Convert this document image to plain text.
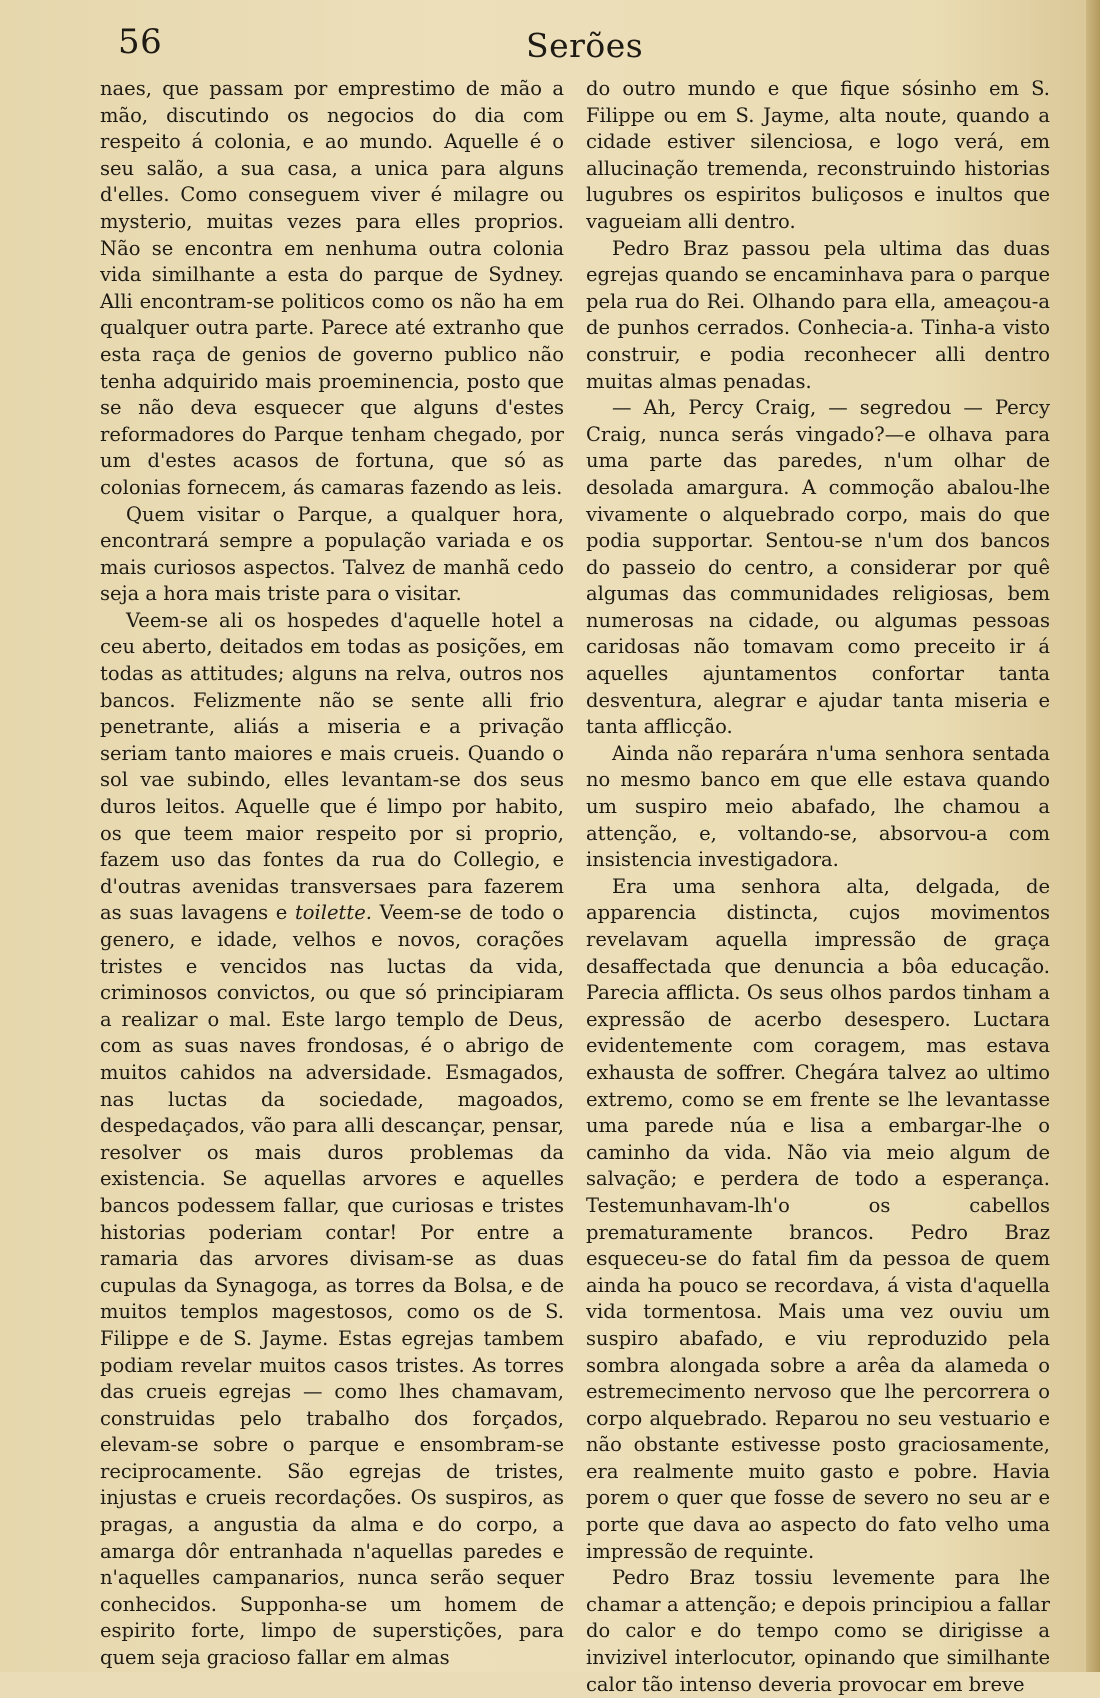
56	Serões

naes, que passam por emprestimo de mão a mão, discutindo os negocios do dia com respeito á colonia, e ao mundo. Aquelle é o seu salão, a sua casa, a unica para alguns d'elles. Como conseguem viver é milagre ou mysterio, muitas vezes para elles proprios. Não se encontra em nenhuma outra colonia vida similhante a esta do parque de Sydney. Alli encontram-se politicos como os não ha em qualquer outra parte. Parece até extranho que esta raça de genios de governo publico não tenha adquirido mais proeminencia, posto que se não deva esquecer que alguns d'estes reformadores do Parque tenham chegado, por um d'estes acasos de fortuna, que só as colonias fornecem, ás camaras fazendo as leis.

Quem visitar o Parque, a qualquer hora, encontrará sempre a população variada e os mais curiosos aspectos. Talvez de manhã cedo seja a hora mais triste para o visitar.

Veem-se ali os hospedes d'aquelle hotel a ceu aberto, deitados em todas as posições, em todas as attitudes; alguns na relva, outros nos bancos. Felizmente não se sente alli frio penetrante, aliás a miseria e a privação seriam tanto maiores e mais crueis. Quando o sol vae subindo, elles levantam-se dos seus duros leitos. Aquelle que é limpo por habito, os que teem maior respeito por si proprio, fazem uso das fontes da rua do Collegio, e d'outras avenidas transversaes para fazerem as suas lavagens e toilette. Veem-se de todo o genero, e idade, velhos e novos, corações tristes e vencidos nas luctas da vida, criminosos convictos, ou que só principiaram a realizar o mal. Este largo templo de Deus, com as suas naves frondosas, é o abrigo de muitos cahidos na adversidade. Esmagados, nas luctas da sociedade, magoados, despedaçados, vão para alli descançar, pensar, resolver os mais duros problemas da existencia. Se aquellas arvores e aquelles bancos podessem fallar, que curiosas e tristes historias poderiam contar! Por entre a ramaria das arvores divisam-se as duas cupulas da Synagoga, as torres da Bolsa, e de muitos templos magestosos, como os de S. Filippe e de S. Jayme. Estas egrejas tambem podiam revelar muitos casos tristes. As torres das crueis egrejas — como lhes chamavam, construidas pelo trabalho dos forçados, elevam-se sobre o parque e ensombram-se reciprocamente. São egrejas de tristes, injustas e crueis recordações. Os suspiros, as pragas, a angustia da alma e do corpo, a amarga dôr entranhada n'aquellas paredes e n'aquelles campanarios, nunca serão sequer conhecidos. Supponha-se um homem de espirito forte, limpo de superstições, para quem seja gracioso fallar em almas

do outro mundo e que fique sósinho em S. Filippe ou em S. Jayme, alta noute, quando a cidade estiver silenciosa, e logo verá, em allucinação tremenda, reconstruindo historias lugubres os espiritos buliçosos e inultos que vagueiam alli dentro.

Pedro Braz passou pela ultima das duas egrejas quando se encaminhava para o parque pela rua do Rei. Olhando para ella, ameaçou-a de punhos cerrados. Conhecia-a. Tinha-a visto construir, e podia reconhecer alli dentro muitas almas penadas.

— Ah, Percy Craig, — segredou — Percy Craig, nunca serás vingado?—e olhava para uma parte das paredes, n'um olhar de desolada amargura. A commoção abalou-lhe vivamente o alquebrado corpo, mais do que podia supportar. Sentou-se n'um dos bancos do passeio do centro, a considerar por quê algumas das communidades religiosas, bem numerosas na cidade, ou algumas pessoas caridosas não tomavam como preceito ir á aquelles ajuntamentos confortar tanta desventura, alegrar e ajudar tanta miseria e tanta afflicção.

Ainda não reparára n'uma senhora sentada no mesmo banco em que elle estava quando um suspiro meio abafado, lhe chamou a attenção, e, voltando-se, absorvou-a com insistencia investigadora.

Era uma senhora alta, delgada, de apparencia distincta, cujos movimentos revelavam aquella impressão de graça desaffectada que denuncia a bôa educação. Parecia afflicta. Os seus olhos pardos tinham a expressão de acerbo desespero. Luctara evidentemente com coragem, mas estava exhausta de soffrer. Chegára talvez ao ultimo extremo, como se em frente se lhe levantasse uma parede núa e lisa a embargar-lhe o caminho da vida. Não via meio algum de salvação; e perdera de todo a esperança. Testemunhavam-lh'o os cabellos prematuramente brancos. Pedro Braz esqueceu-se do fatal fim da pessoa de quem ainda ha pouco se recordava, á vista d'aquella vida tormentosa. Mais uma vez ouviu um suspiro abafado, e viu reproduzido pela sombra alongada sobre a arêa da alameda o estremecimento nervoso que lhe percorrera o corpo alquebrado. Reparou no seu vestuario e não obstante estivesse posto graciosamente, era realmente muito gasto e pobre. Havia porem o quer que fosse de severo no seu ar e porte que dava ao aspecto do fato velho uma impressão de requinte.

Pedro Braz tossiu levemente para lhe chamar a attenção; e depois principiou a fallar do calor e do tempo como se dirigisse a invizivel interlocutor, opinando que similhante calor tão intenso deveria provocar em breve
